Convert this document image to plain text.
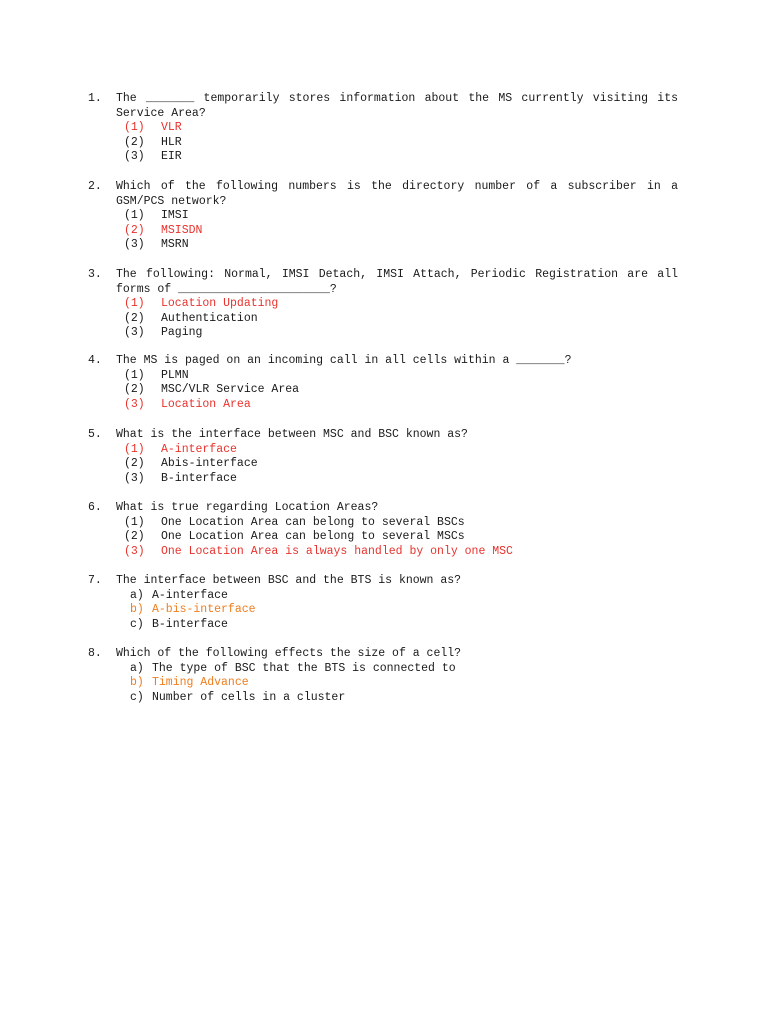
1.	The _______ temporarily stores information about the MS currently visiting its Service Area?
(1) VLR
(2) HLR
(3) EIR
2.	Which of the following numbers is the directory number of a subscriber in a GSM/PCS network?
(1) IMSI
(2) MSISDN
(3) MSRN
3.	The following: Normal, IMSI Detach, IMSI Attach, Periodic Registration are all forms of ______________________?
(1) Location Updating
(2) Authentication
(3) Paging
4.	The MS is paged on an incoming call in all cells within a _______?
(1) PLMN
(2) MSC/VLR Service Area
(3) Location Area
5.	What is the interface between MSC and BSC known as?
(1) A-interface
(2) Abis-interface
(3) B-interface
6.	What is true regarding Location Areas?
(1) One Location Area can belong to several BSCs
(2) One Location Area can belong to several MSCs
(3) One Location Area is always handled by only one MSC
7.	The interface between BSC and the BTS is known as?
a) A-interface
b) A-bis-interface
c) B-interface
8.	Which of the following effects the size of a cell?
a) The type of BSC that the BTS is connected to
b) Timing Advance
c) Number of cells in a cluster
